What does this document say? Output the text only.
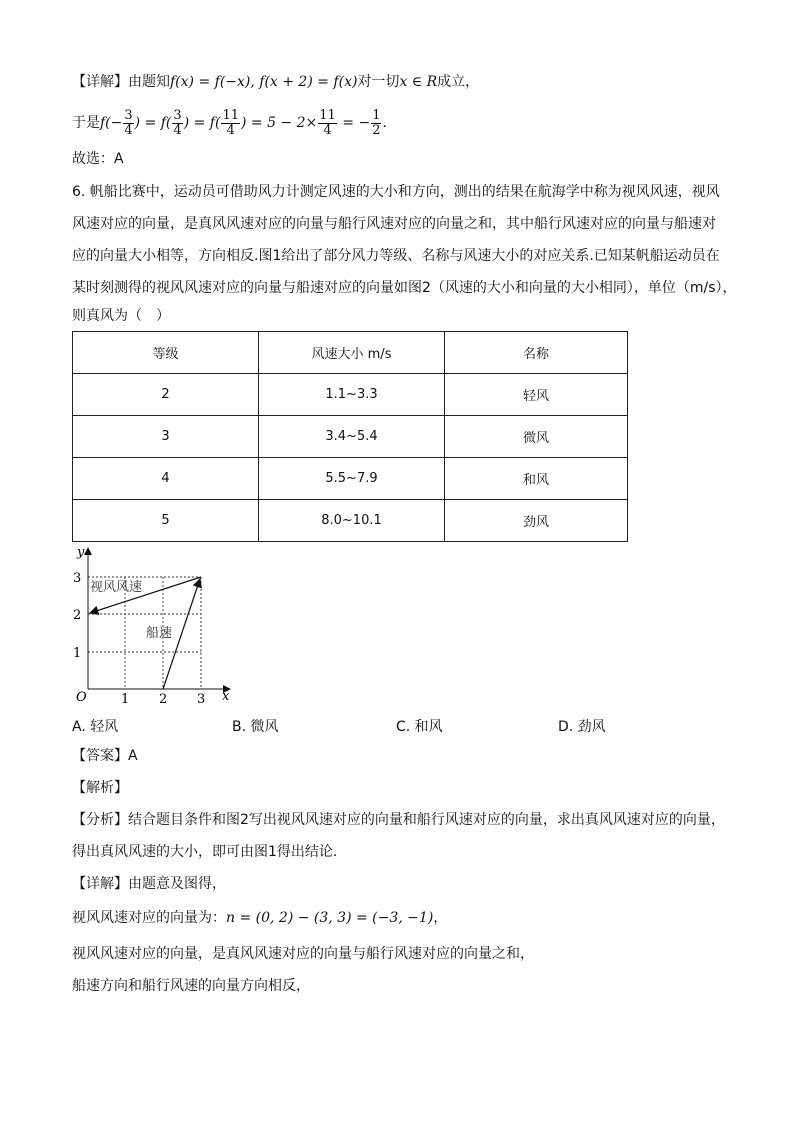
【详解】由题知f(x) = f(−x), f(x + 2) = f(x)对一切x ∈ R成立，
于是$f(- \frac{3}{4}$ ) = $f( \frac{3}{4}$ ) = $f( \frac{11}{4}$ ) = $5 - 2\times \frac{11}{4}$ = − $\frac{1}{2}$ .
故选：A
6. 帆船比赛中，运动员可借助风力计测定风速的大小和方向，测出的结果在航海学中称为视风风速，视风
风速对应的向量，是真风风速对应的向量与船行风速对应的向量之和，其中船行风速对应的向量与船速对
应的向量大小相等，方向相反.图1给出了部分风力等级、名称与风速大小的对应关系.已知某帆船运动员在
某时刻测得的视风风速对应的向量与船速对应的向量如图2（风速的大小和向量的大小相同），单位（m/s），
则真风为（　）
等级	风速大小 m/s	名称
2	1.1~3.3	轻风
3	3.4~5.4	微风
4	5.5~7.9	和风
5	8.0~10.1	劲风
y
x
O	1 2 3
1
2
3
视风风速
船速
A. 轻风	B. 微风	C. 和风	D. 劲风
【答案】A
【解析】
【分析】结合题目条件和图2写出视风风速对应的向量和船行风速对应的向量，求出真风风速对应的向量，
得出真风风速的大小，即可由图1得出结论.
【详解】由题意及图得，
视风风速对应的向量为：n = (0, 2) − (3, 3) = (−3, −1)，
视风风速对应的向量，是真风风速对应的向量与船行风速对应的向量之和，
船速方向和船行风速的向量方向相反，
